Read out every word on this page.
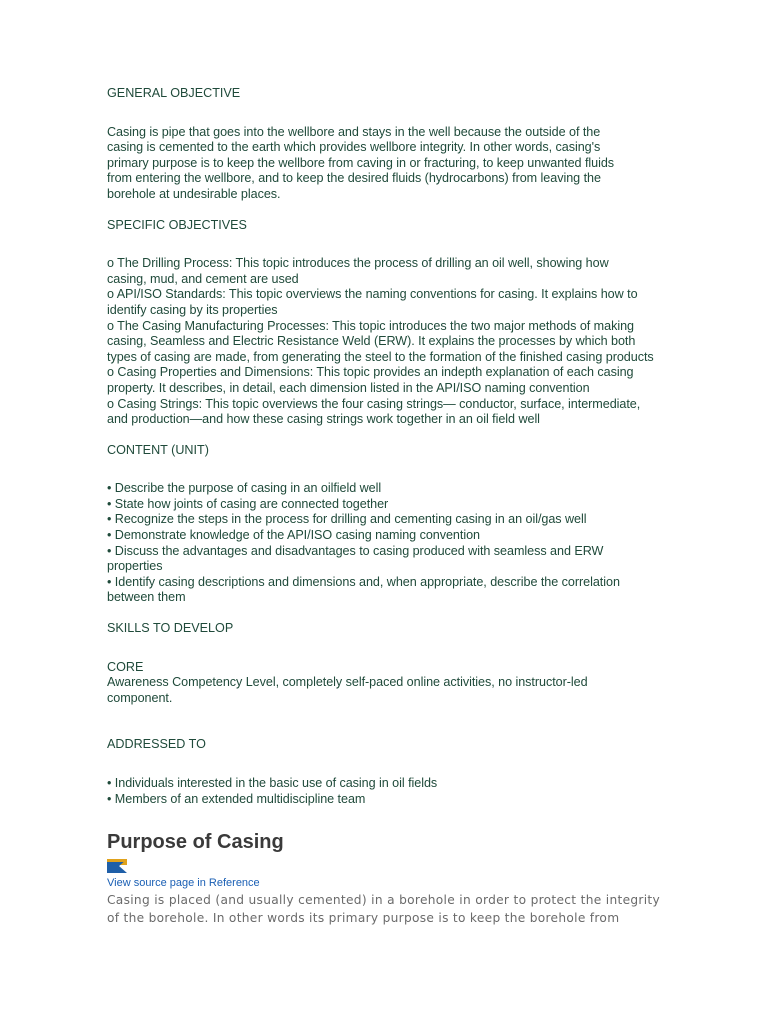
GENERAL OBJECTIVE

Casing is pipe that goes into the wellbore and stays in the well because the outside of the casing is cemented to the earth which provides wellbore integrity. In other words, casing's primary purpose is to keep the wellbore from caving in or fracturing, to keep unwanted fluids from entering the wellbore, and to keep the desired fluids (hydrocarbons) from leaving the borehole at undesirable places.

SPECIFIC OBJECTIVES

o The Drilling Process: This topic introduces the process of drilling an oil well, showing how casing, mud, and cement are used

o API/ISO Standards: This topic overviews the naming conventions for casing. It explains how to identify casing by its properties

o The Casing Manufacturing Processes: This topic introduces the two major methods of making casing, Seamless and Electric Resistance Weld (ERW). It explains the processes by which both types of casing are made, from generating the steel to the formation of the finished casing products

o Casing Properties and Dimensions: This topic provides an indepth explanation of each casing property. It describes, in detail, each dimension listed in the API/ISO naming convention

o Casing Strings: This topic overviews the four casing strings— conductor, surface, intermediate, and production—and how these casing strings work together in an oil field well

CONTENT (UNIT)

• Describe the purpose of casing in an oilfield well

• State how joints of casing are connected together

• Recognize the steps in the process for drilling and cementing casing in an oil/gas well

• Demonstrate knowledge of the API/ISO casing naming convention

• Discuss the advantages and disadvantages to casing produced with seamless and ERW properties

• Identify casing descriptions and dimensions and, when appropriate, describe the correlation between them

SKILLS TO DEVELOP

CORE

Awareness Competency Level, completely self-paced online activities, no instructor-led component.

ADDRESSED TO

• Individuals interested in the basic use of casing in oil fields

• Members of an extended multidiscipline team

Purpose of Casing
View source page in Reference

Casing is placed (and usually cemented) in a borehole in order to protect the integrity of the borehole. In other words its primary purpose is to keep the borehole from
